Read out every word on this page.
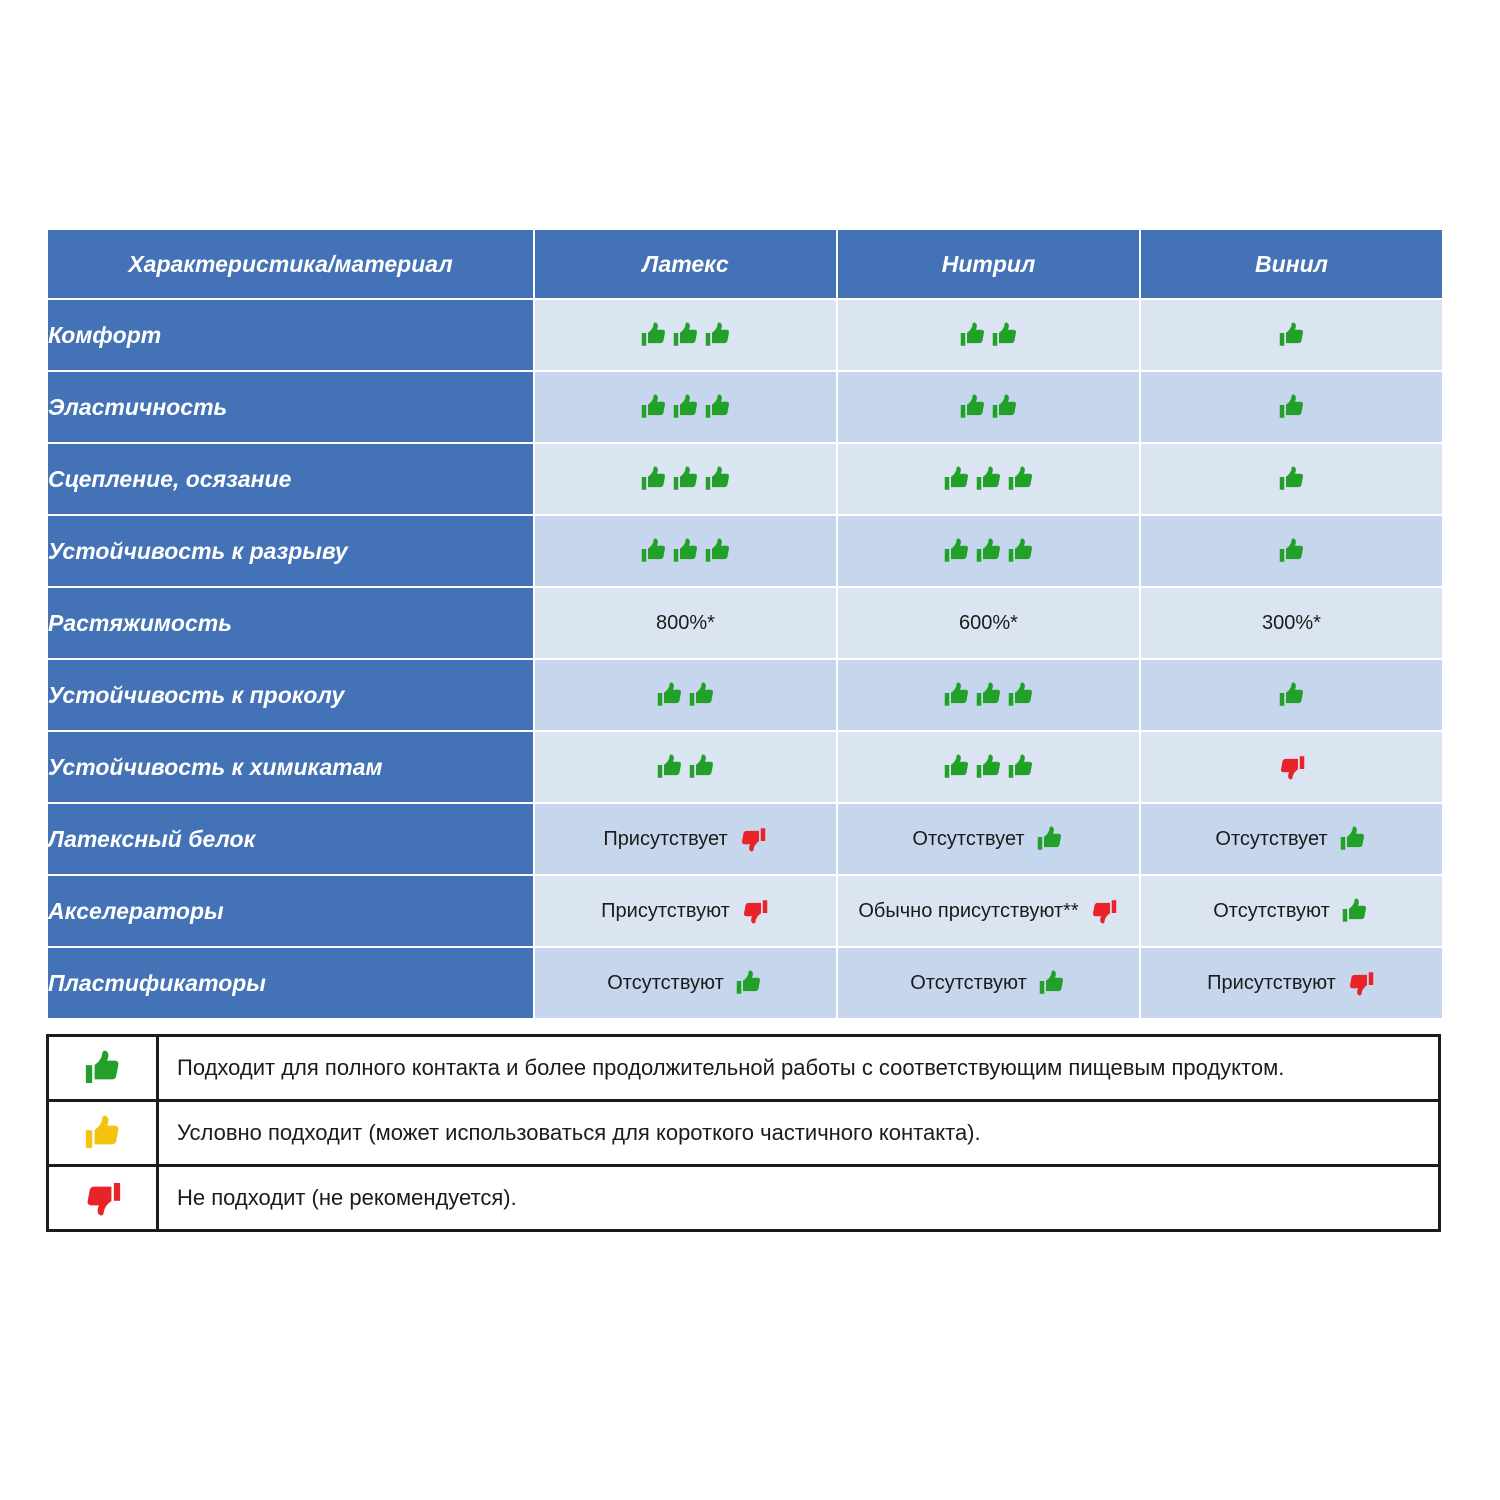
Характеристика/материал	Латекс	Нитрил	Винил
Комфорт	

Эластичность	

Сцепление, осязание	

Устойчивость к разрыву	

Растяжимость	800%*	600%*	300%*
Устойчивость к проколу	

Устойчивость к химикатам	

Латексный белок	Присутствует	Отсутствует	Отсутствует

Акселераторы	Присутствуют	Обычно присутствуют**	Отсутствуют

Пластификаторы	Отсутствуют	Отсутствуют	Присутствуют
Подходит для полного контакта и более продолжительной работы с соответствующим пищевым продуктом.
Условно подходит (может использоваться для короткого частичного контакта).
Не подходит (не рекомендуется).
